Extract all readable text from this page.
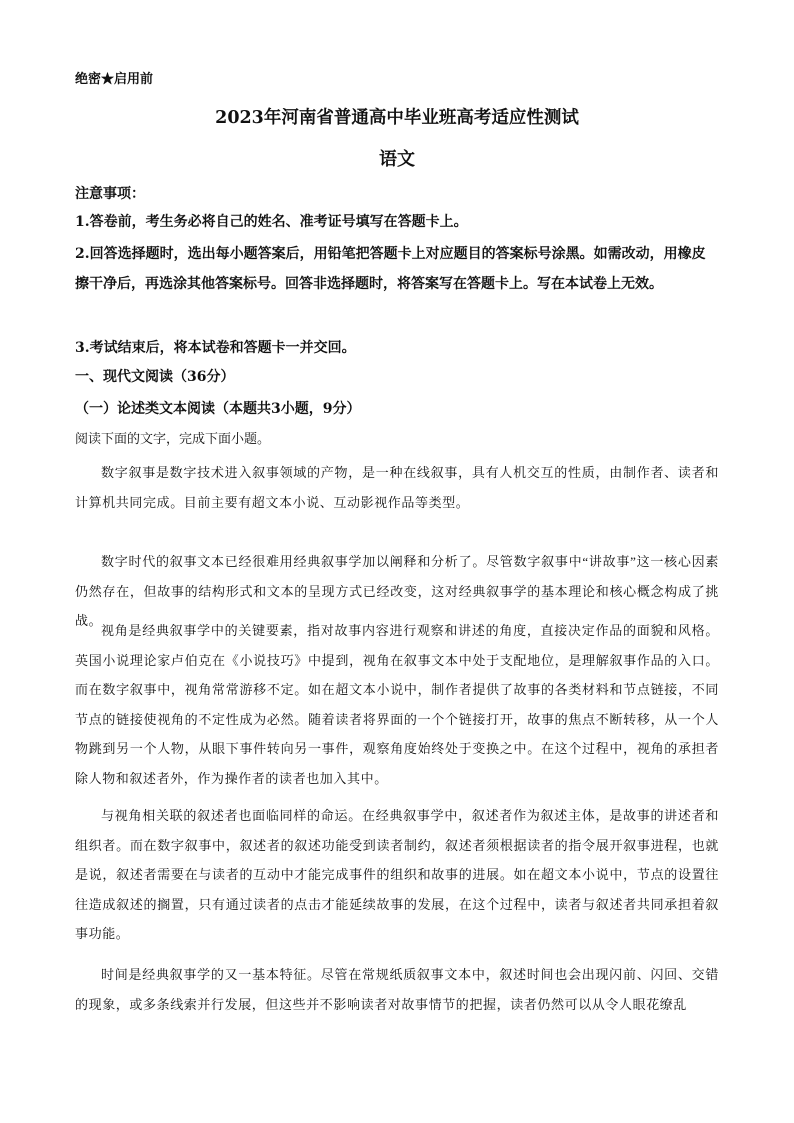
绝密★启用前
2023年河南省普通高中毕业班高考适应性测试
语文
注意事项：
1.答卷前，考生务必将自己的姓名、准考证号填写在答题卡上。
2.回答选择题时，选出每小题答案后，用铅笔把答题卡上对应题目的答案标号涂黑。如需改动，用橡皮擦干净后，再选涂其他答案标号。回答非选择题时，将答案写在答题卡上。写在本试卷上无效。
3.考试结束后，将本试卷和答题卡一并交回。
一、现代文阅读（36分）
（一）论述类文本阅读（本题共3小题，9分）
阅读下面的文字，完成下面小题。
数字叙事是数字技术进入叙事领域的产物，是一种在线叙事，具有人机交互的性质，由制作者、读者和计算机共同完成。目前主要有超文本小说、互动影视作品等类型。
数字时代的叙事文本已经很难用经典叙事学加以阐释和分析了。尽管数字叙事中“讲故事”这一核心因素仍然存在，但故事的结构形式和文本的呈现方式已经改变，这对经典叙事学的基本理论和核心概念构成了挑战。
视角是经典叙事学中的关键要素，指对故事内容进行观察和讲述的角度，直接决定作品的面貌和风格。英国小说理论家卢伯克在《小说技巧》中提到，视角在叙事文本中处于支配地位，是理解叙事作品的入口。而在数字叙事中，视角常常游移不定。如在超文本小说中，制作者提供了故事的各类材料和节点链接，不同节点的链接使视角的不定性成为必然。随着读者将界面的一个个链接打开，故事的焦点不断转移，从一个人物跳到另一个人物，从眼下事件转向另一事件，观察角度始终处于变换之中。在这个过程中，视角的承担者除人物和叙述者外，作为操作者的读者也加入其中。
与视角相关联的叙述者也面临同样的命运。在经典叙事学中，叙述者作为叙述主体，是故事的讲述者和组织者。而在数字叙事中，叙述者的叙述功能受到读者制约，叙述者须根据读者的指令展开叙事进程，也就是说，叙述者需要在与读者的互动中才能完成事件的组织和故事的进展。如在超文本小说中，节点的设置往往造成叙述的搁置，只有通过读者的点击才能延续故事的发展，在这个过程中，读者与叙述者共同承担着叙事功能。
时间是经典叙事学的又一基本特征。尽管在常规纸质叙事文本中，叙述时间也会出现闪前、闪回、交错的现象，或多条线索并行发展，但这些并不影响读者对故事情节的把握，读者仍然可以从令人眼花缭乱
